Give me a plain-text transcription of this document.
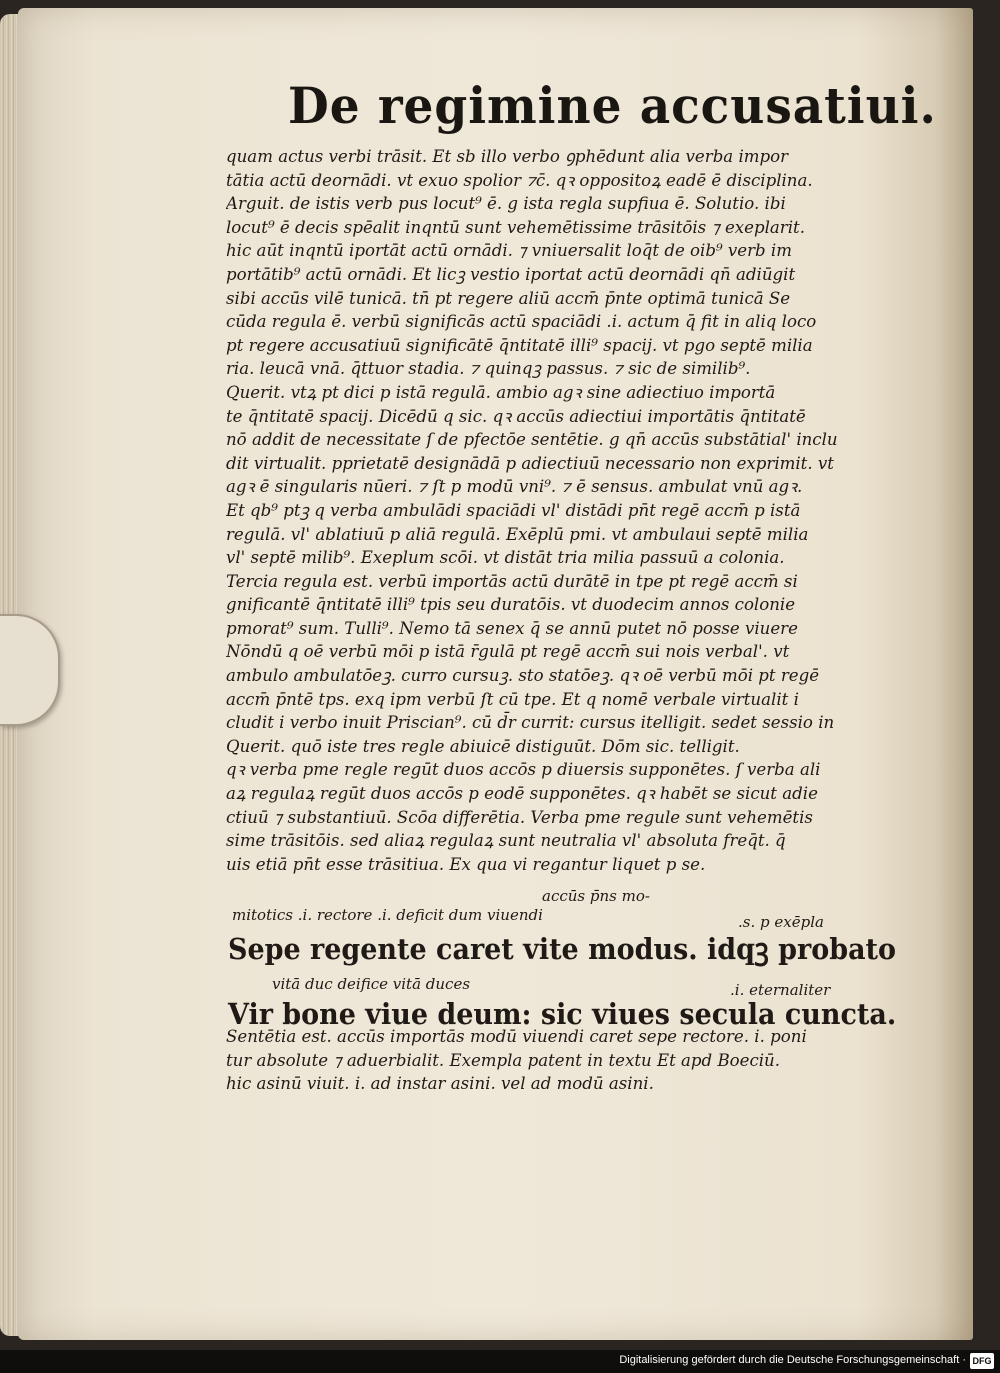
De regimine accusatiui.
quam actus verbi trāsit. Et sb illo verbo ꝯphēdunt alia verba impor
tātia actū deornādi. vt exuo spolior ⁊c̄. qꝛ oppositoꝝ eadē ē disciplina.
Arguit. de istis verb pus locut⁹ ē. g ista regla supfiua ē. Solutio. ibi
locut⁹ ē decis spēalit inqntū sunt vehemētissime trāsitōis ⁊ exeplarit.
hic aūt inqntū iportāt actū ornādi. ⁊ vniuersalit loq̄t de oib⁹ verb im
portātib⁹ actū ornādi. Et licꝫ vestio iportat actū deornādi qn̄ adiūgit
sibi accūs vilē tunicā. tn̄ pt regere aliū accm̄ p̄nte optimā tunicā Se
cūda regula ē. verbū significās actū spaciādi .i. actum q̄ fit in aliq loco
pt regere accusatiuū significātē q̄ntitatē illi⁹ spacij. vt pgo septē milia
ria. leucā vnā. q̄ttuor stadia. ⁊ quinqꝫ passus. ⁊ sic de similib⁹.
Querit. vtꝝ pt dici p istā regulā. ambio agꝛ sine adiectiuo importā
te q̄ntitatē spacij. Dicēdū q sic. qꝛ accūs adiectiui importātis q̄ntitatē
nō addit de necessitate ſ de pfectōe sentētie. g qn̄ accūs substātial' inclu
dit virtualit. pprietatē designādā p adiectiuū necessario non exprimit. vt
agꝛ ē singularis nūeri. ⁊ ſt p modū vni⁹. ⁊ ē sensus. ambulat vnū agꝛ.
Et qb⁹ ptꝫ q verba ambulādi spaciādi vl' distādi pn̄t regē accm̄ p istā
regulā. vl' ablatiuū p aliā regulā. Exēplū pmi. vt ambulaui septē milia
vl' septē milib⁹. Exeplum scōi. vt distāt tria milia passuū a colonia.
Tercia regula est. verbū importās actū durātē in tpe pt regē accm̄ si
gnificantē q̄ntitatē illi⁹ tpis seu duratōis. vt duodecim annos colonie
pmorat⁹ sum. Tulli⁹. Nemo tā senex q̄ se annū putet nō posse viuere
Nōndū q oē verbū mōi p istā r̄gulā pt regē accm̄ sui nois verbal'. vt
ambulo ambulatōeꝫ. curro cursuꝫ. sto statōeꝫ. qꝛ oē verbū mōi pt regē
accm̄ p̄ntē tps. exq ipm verbū ſt cū tpe. Et q nomē verbale virtualit i
cludit i verbo inuit Priscian⁹. cū d̄r currit: cursus itelligit. sedet sessio in
Querit. quō iste tres regle abiuicē distiguūt. Dōm sic. telligit.
qꝛ verba pme regle regūt duos accōs p diuersis supponētes. ſ verba ali
aꝝ regulaꝝ regūt duos accōs p eodē supponētes. qꝛ habēt se sicut adie
ctiuū ⁊ substantiuū. Scōa differētia. Verba pme regule sunt vehemētis
sime trāsitōis. sed aliaꝝ regulaꝝ sunt neutralia vl' absoluta freq̄t. q̄
uis etiā pn̄t esse trāsitiua. Ex qua vi regantur liquet p se.
accūs p̄ns mo-
mitotics .i. rectore .i. deficit dum viuendi	.s. p exēpla
Sepe regente caret vite modus. idqꝫ probato
vitā duc deifice vitā duces	.i. eternaliter
Vir bone viue deum: sic viues secula cuncta.
Sentētia est. accūs importās modū viuendi caret sepe rectore. i. poni
tur absolute ⁊ aduerbialit. Exempla patent in textu Et apd Boeciū.
hic asinū viuit. i. ad instar asini. vel ad modū asini.
Digitalisierung gefördert durch die Deutsche Forschungsgemeinschaft · DFG
